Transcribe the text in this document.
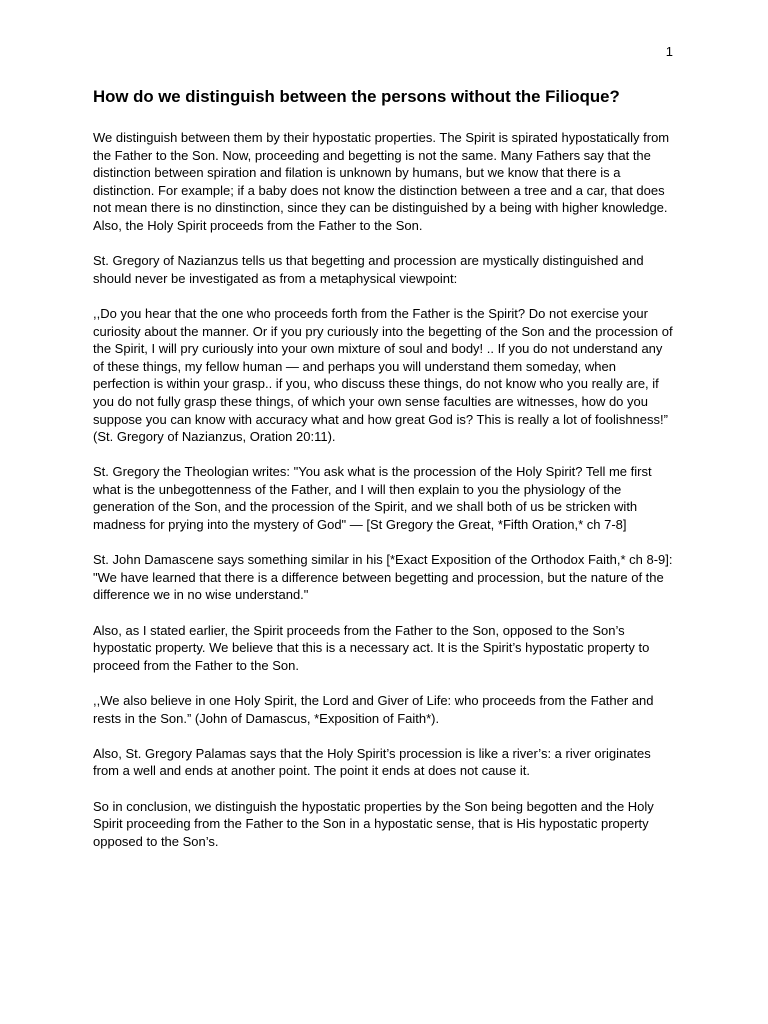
1
How do we distinguish between the persons without the Filioque?

We distinguish between them by their hypostatic properties. The Spirit is spirated hypostatically from the Father to the Son. Now, proceeding and begetting is not the same. Many Fathers say that the distinction between spiration and filation is unknown by humans, but we know that there is a distinction. For example; if a baby does not know the distinction between a tree and a car, that does not mean there is no dinstinction, since they can be distinguished by a being with higher knowledge. Also, the Holy Spirit proceeds from the Father to the Son.

St. Gregory of Nazianzus tells us that begetting and procession are mystically distinguished and should never be investigated as from a metaphysical viewpoint:

,,Do you hear that the one who proceeds forth from the Father is the Spirit? Do not exercise your curiosity about the manner. Or if you pry curiously into the begetting of the Son and the procession of the Spirit, I will pry curiously into your own mixture of soul and body! .. If you do not understand any of these things, my fellow human — and perhaps you will understand them someday, when perfection is within your grasp.. if you, who discuss these things, do not know who you really are, if you do not fully grasp these things, of which your own sense faculties are witnesses, how do you suppose you can know with accuracy what and how great God is? This is really a lot of foolishness!” (St. Gregory of Nazianzus, Oration 20:11).

St. Gregory the Theologian writes: "You ask what is the procession of the Holy Spirit? Tell me first what is the unbegottenness of the Father, and I will then explain to you the physiology of the generation of the Son, and the procession of the Spirit, and we shall both of us be stricken with madness for prying into the mystery of God" — [St Gregory the Great, *Fifth Oration,* ch 7-8]

St. John Damascene says something similar in his [*Exact Exposition of the Orthodox Faith,* ch 8-9]: "We have learned that there is a difference between begetting and procession, but the nature of the difference we in no wise understand."

Also, as I stated earlier, the Spirit proceeds from the Father to the Son, opposed to the Son’s hypostatic property. We believe that this is a necessary act. It is the Spirit’s hypostatic property to proceed from the Father to the Son.

,,We also believe in one Holy Spirit, the Lord and Giver of Life: who proceeds from the Father and rests in the Son.” (John of Damascus, *Exposition of Faith*).

Also, St. Gregory Palamas says that the Holy Spirit’s procession is like a river’s: a river originates from a well and ends at another point. The point it ends at does not cause it.

So in conclusion, we distinguish the hypostatic properties by the Son being begotten and the Holy Spirit proceeding from the Father to the Son in a hypostatic sense, that is His hypostatic property opposed to the Son’s.
